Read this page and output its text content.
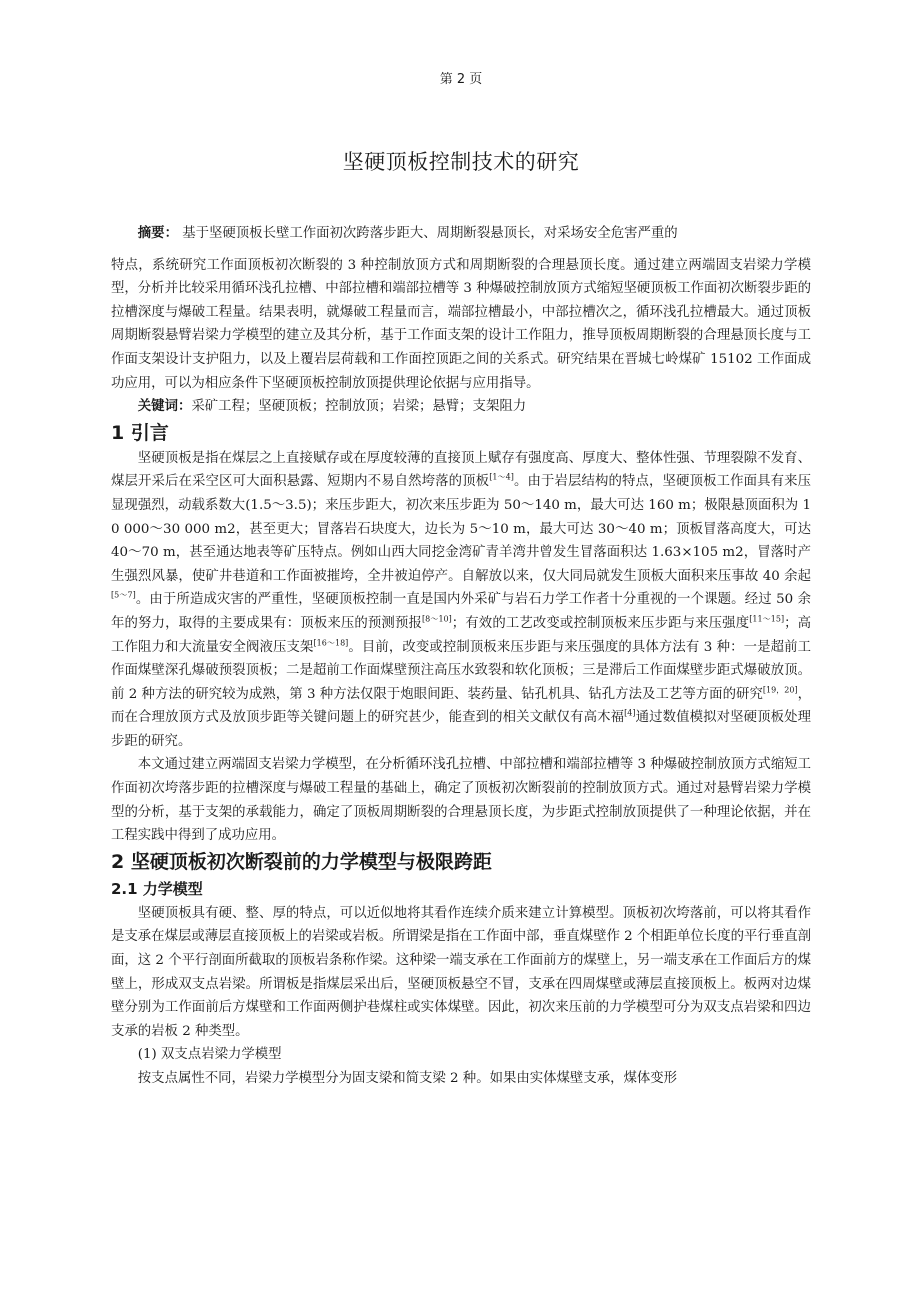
第 2 页
坚硬顶板控制技术的研究

摘要： 基于坚硬顶板长壁工作面初次跨落步距大、周期断裂悬顶长，对采场安全危害严重的

特点，系统研究工作面顶板初次断裂的 3 种控制放顶方式和周期断裂的合理悬顶长度。通过建立两端固支岩梁力学模型，分析并比较采用循环浅孔拉槽、中部拉槽和端部拉槽等 3 种爆破控制放顶方式缩短坚硬顶板工作面初次断裂步距的拉槽深度与爆破工程量。结果表明，就爆破工程量而言，端部拉槽最小，中部拉槽次之，循环浅孔拉槽最大。通过顶板周期断裂悬臂岩梁力学模型的建立及其分析，基于工作面支架的设计工作阻力，推导顶板周期断裂的合理悬顶长度与工作面支架设计支护阻力，以及上覆岩层荷载和工作面控顶距之间的关系式。研究结果在晋城七岭煤矿 15102 工作面成功应用，可以为相应条件下坚硬顶板控制放顶提供理论依据与应用指导。

关键词：采矿工程；坚硬顶板；控制放顶；岩梁；悬臂；支架阻力

1 引言

坚硬顶板是指在煤层之上直接赋存或在厚度较薄的直接顶上赋存有强度高、厚度大、整体性强、节理裂隙不发育、煤层开采后在采空区可大面积悬露、短期内不易自然垮落的顶板[1～4]。由于岩层结构的特点，坚硬顶板工作面具有来压显现强烈，动载系数大(1.5～3.5)；来压步距大，初次来压步距为 50～140 m，最大可达 160 m；极限悬顶面积为 10 000～30 000 m2，甚至更大；冒落岩石块度大，边长为 5～10 m，最大可达 30～40 m；顶板冒落高度大，可达 40～70 m，甚至通达地表等矿压特点。例如山西大同挖金湾矿青羊湾井曾发生冒落面积达 1.63×105 m2，冒落时产生强烈风暴，使矿井巷道和工作面被摧垮，全井被迫停产。自解放以来，仅大同局就发生顶板大面积来压事故 40 余起[5～7]。由于所造成灾害的严重性，坚硬顶板控制一直是国内外采矿与岩石力学工作者十分重视的一个课题。经过 50 余年的努力，取得的主要成果有：顶板来压的预测预报[8～10]；有效的工艺改变或控制顶板来压步距与来压强度[11～15]；高工作阻力和大流量安全阀液压支架[16～18]。目前，改变或控制顶板来压步距与来压强度的具体方法有 3 种：一是超前工作面煤壁深孔爆破预裂顶板；二是超前工作面煤壁预注高压水致裂和软化顶板；三是滞后工作面煤壁步距式爆破放顶。前 2 种方法的研究较为成熟，第 3 种方法仅限于炮眼间距、装药量、钻孔机具、钻孔方法及工艺等方面的研究[19，20]，而在合理放顶方式及放顶步距等关键问题上的研究甚少，能查到的相关文献仅有高木福[4]通过数值模拟对坚硬顶板处理步距的研究。

本文通过建立两端固支岩梁力学模型，在分析循环浅孔拉槽、中部拉槽和端部拉槽等 3 种爆破控制放顶方式缩短工作面初次垮落步距的拉槽深度与爆破工程量的基础上，确定了顶板初次断裂前的控制放顶方式。通过对悬臂岩梁力学模型的分析，基于支架的承载能力，确定了顶板周期断裂的合理悬顶长度，为步距式控制放顶提供了一种理论依据，并在工程实践中得到了成功应用。

2 坚硬顶板初次断裂前的力学模型与极限跨距
2.1 力学模型

坚硬顶板具有硬、整、厚的特点，可以近似地将其看作连续介质来建立计算模型。顶板初次垮落前，可以将其看作是支承在煤层或薄层直接顶板上的岩梁或岩板。所谓梁是指在工作面中部，垂直煤壁作 2 个相距单位长度的平行垂直剖面，这 2 个平行剖面所截取的顶板岩条称作梁。这种梁一端支承在工作面前方的煤壁上，另一端支承在工作面后方的煤壁上，形成双支点岩梁。所谓板是指煤层采出后，坚硬顶板悬空不冒，支承在四周煤壁或薄层直接顶板上。板两对边煤壁分别为工作面前后方煤壁和工作面两侧护巷煤柱或实体煤壁。因此，初次来压前的力学模型可分为双支点岩梁和四边支承的岩板 2 种类型。

(1) 双支点岩梁力学模型

按支点属性不同，岩梁力学模型分为固支梁和简支梁 2 种。如果由实体煤壁支承，煤体变形
